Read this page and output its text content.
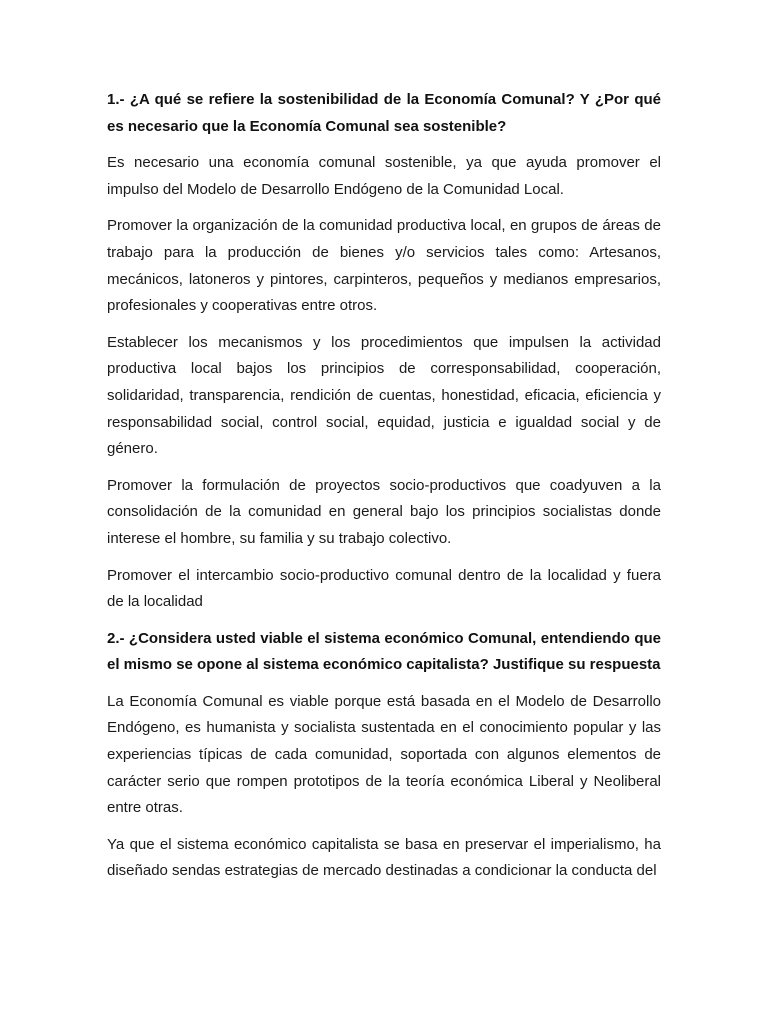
1.- ¿A qué se refiere la sostenibilidad de la Economía Comunal? Y ¿Por qué es necesario que la Economía Comunal sea sostenible?

Es necesario una economía comunal sostenible, ya que ayuda promover el impulso del Modelo de Desarrollo Endógeno de la Comunidad Local.

Promover la organización de la comunidad productiva local, en grupos de áreas de trabajo para la producción de bienes y/o servicios tales como: Artesanos, mecánicos, latoneros y pintores, carpinteros, pequeños y medianos empresarios, profesionales y cooperativas entre otros.

Establecer los mecanismos y los procedimientos que impulsen la actividad productiva local bajos los principios de corresponsabilidad, cooperación, solidaridad, transparencia, rendición de cuentas, honestidad, eficacia, eficiencia y responsabilidad social, control social, equidad, justicia e igualdad social y de género.

Promover la formulación de proyectos socio-productivos que coadyuven a la consolidación de la comunidad en general bajo los principios socialistas donde interese el hombre, su familia y su trabajo colectivo.

Promover el intercambio socio-productivo comunal dentro de la localidad y fuera de la localidad

2.- ¿Considera usted viable el sistema económico Comunal, entendiendo que el mismo se opone al sistema económico capitalista? Justifique su respuesta

La Economía Comunal es viable porque está basada en el Modelo de Desarrollo Endógeno, es humanista y socialista sustentada en el conocimiento popular y las experiencias típicas de cada comunidad, soportada con algunos elementos de carácter serio que rompen prototipos de la teoría económica Liberal y Neoliberal entre otras.

Ya que el sistema económico capitalista se basa en preservar el imperialismo, ha diseñado sendas estrategias de mercado destinadas a condicionar la conducta del
